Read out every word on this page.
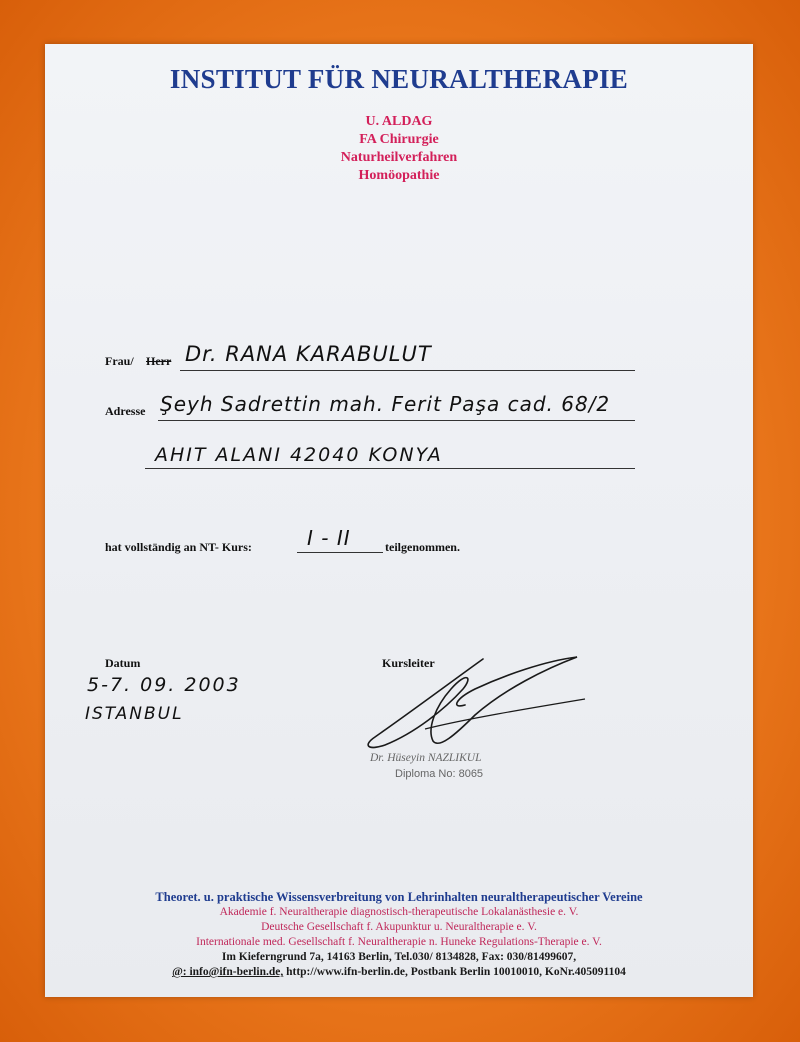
INSTITUT FÜR NEURALTHERAPIE
U. ALDAG
FA Chirurgie
Naturheilverfahren
Homöopathie
Frau/ Herr Dr. RANA KARABULUT
Adresse Şeyh Sadrettin mah. Ferit Paşa cad. 68/2
AHIT ALANI 42040 KONYA
hat vollständig an NT- Kurs:	I - II	teilgenommen.
Datum
5-7. 09. 2003
ISTANBUL
Kursleiter
Dr. Hüseyin NAZLIKUL
Diploma No: 8065
Theoret. u. praktische Wissensverbreitung von Lehrinhalten neuraltherapeutischer Vereine
Akademie f. Neuraltherapie diagnostisch-therapeutische Lokalanästhesie e. V.
Deutsche Gesellschaft f. Akupunktur u. Neuraltherapie e. V.
Internationale med. Gesellschaft f. Neuraltherapie n. Huneke Regulations-Therapie e. V.
Im Kieferngrund 7a, 14163 Berlin, Tel.030/ 8134828, Fax: 030/81499607,
@: info@ifn-berlin.de, http://www.ifn-berlin.de, Postbank Berlin 10010010, KoNr.405091104
